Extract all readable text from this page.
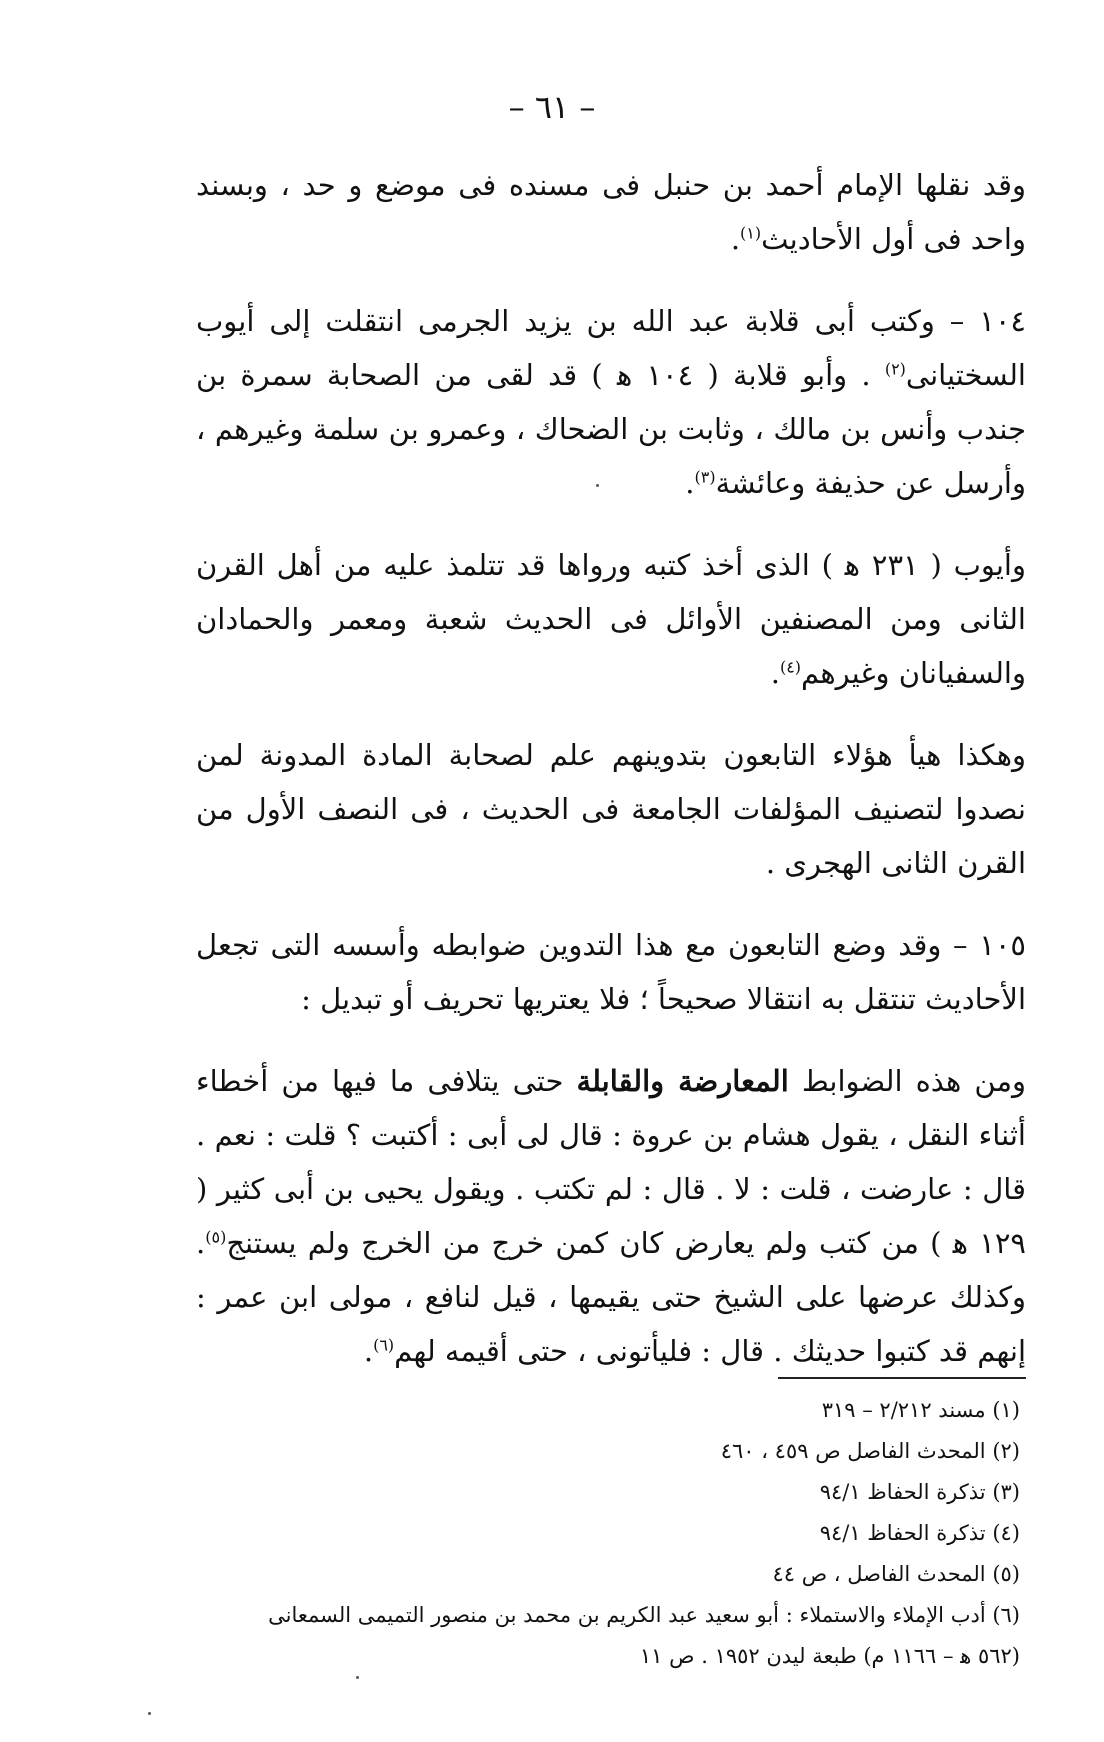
– ٦١ –

وقد نقلها الإمام أحمد بن حنبل فى مسنده فى موضع و حد ، وبسند واحد فى أول الأحاديث$^{(١)}$.

١٠٤ – وكتب أبى قلابة عبد الله بن يزيد الجرمى انتقلت إلى أيوب السختيانى$^{(٢)}$ . وأبو قلابة ( ١٠٤ ﻫ ) قد لقى من الصحابة سمرة بن جندب وأنس بن مالك ، وثابت بن الضحاك ، وعمرو بن سلمة وغيرهم ، وأرسل عن حذيفة وعائشة$^{(٣)}$.

وأيوب ( ٢٣١ ﻫ ) الذى أخذ كتبه ورواها قد تتلمذ عليه من أهل القرن الثانى ومن المصنفين الأوائل فى الحديث شعبة ومعمر والحمادان والسفيانان وغيرهم$^{(٤)}$.

وهكذا هيأ هؤلاء التابعون بتدوينهم علم لصحابة المادة المدونة لمن نصدوا لتصنيف المؤلفات الجامعة فى الحديث ، فى النصف الأول من القرن الثانى الهجرى .

١٠٥ – وقد وضع التابعون مع هذا التدوين ضوابطه وأسسه التى تجعل الأحاديث تنتقل به انتقالا صحيحاً ؛ فلا يعتريها تحريف أو تبديل :

ومن هذه الضوابط المعارضة والقابلة حتى يتلافى ما فيها من أخطاء أثناء النقل ، يقول هشام بن عروة : قال لى أبى : أكتبت ؟ قلت : نعم . قال : عارضت ، قلت : لا . قال : لم تكتب . ويقول يحيى بن أبى كثير ( ١٢٩ ﻫ ) من كتب ولم يعارض كان كمن خرج من الخرج ولم يستنج$^{(٥)}$. وكذلك عرضها على الشيخ حتى يقيمها ، قيل لنافع ، مولى ابن عمر : إنهم قد كتبوا حديثك . قال : فليأتونى ، حتى أقيمه لهم$^{(٦)}$.

(١) مسند ٢/٢١٢ – ٣١٩
(٢) المحدث الفاصل ص ٤٥٩ ، ٤٦٠
(٣) تذكرة الحفاظ ٩٤/١
(٤) تذكرة الحفاظ ٩٤/١
(٥) المحدث الفاصل ، ص ٤٤
(٦) أدب الإملاء والاستملاء : أبو سعيد عبد الكريم بن محمد بن منصور التميمى السمعانى
(٥٦٢ ﻫ – ١١٦٦ م) طبعة ليدن ١٩٥٢ . ص ١١
